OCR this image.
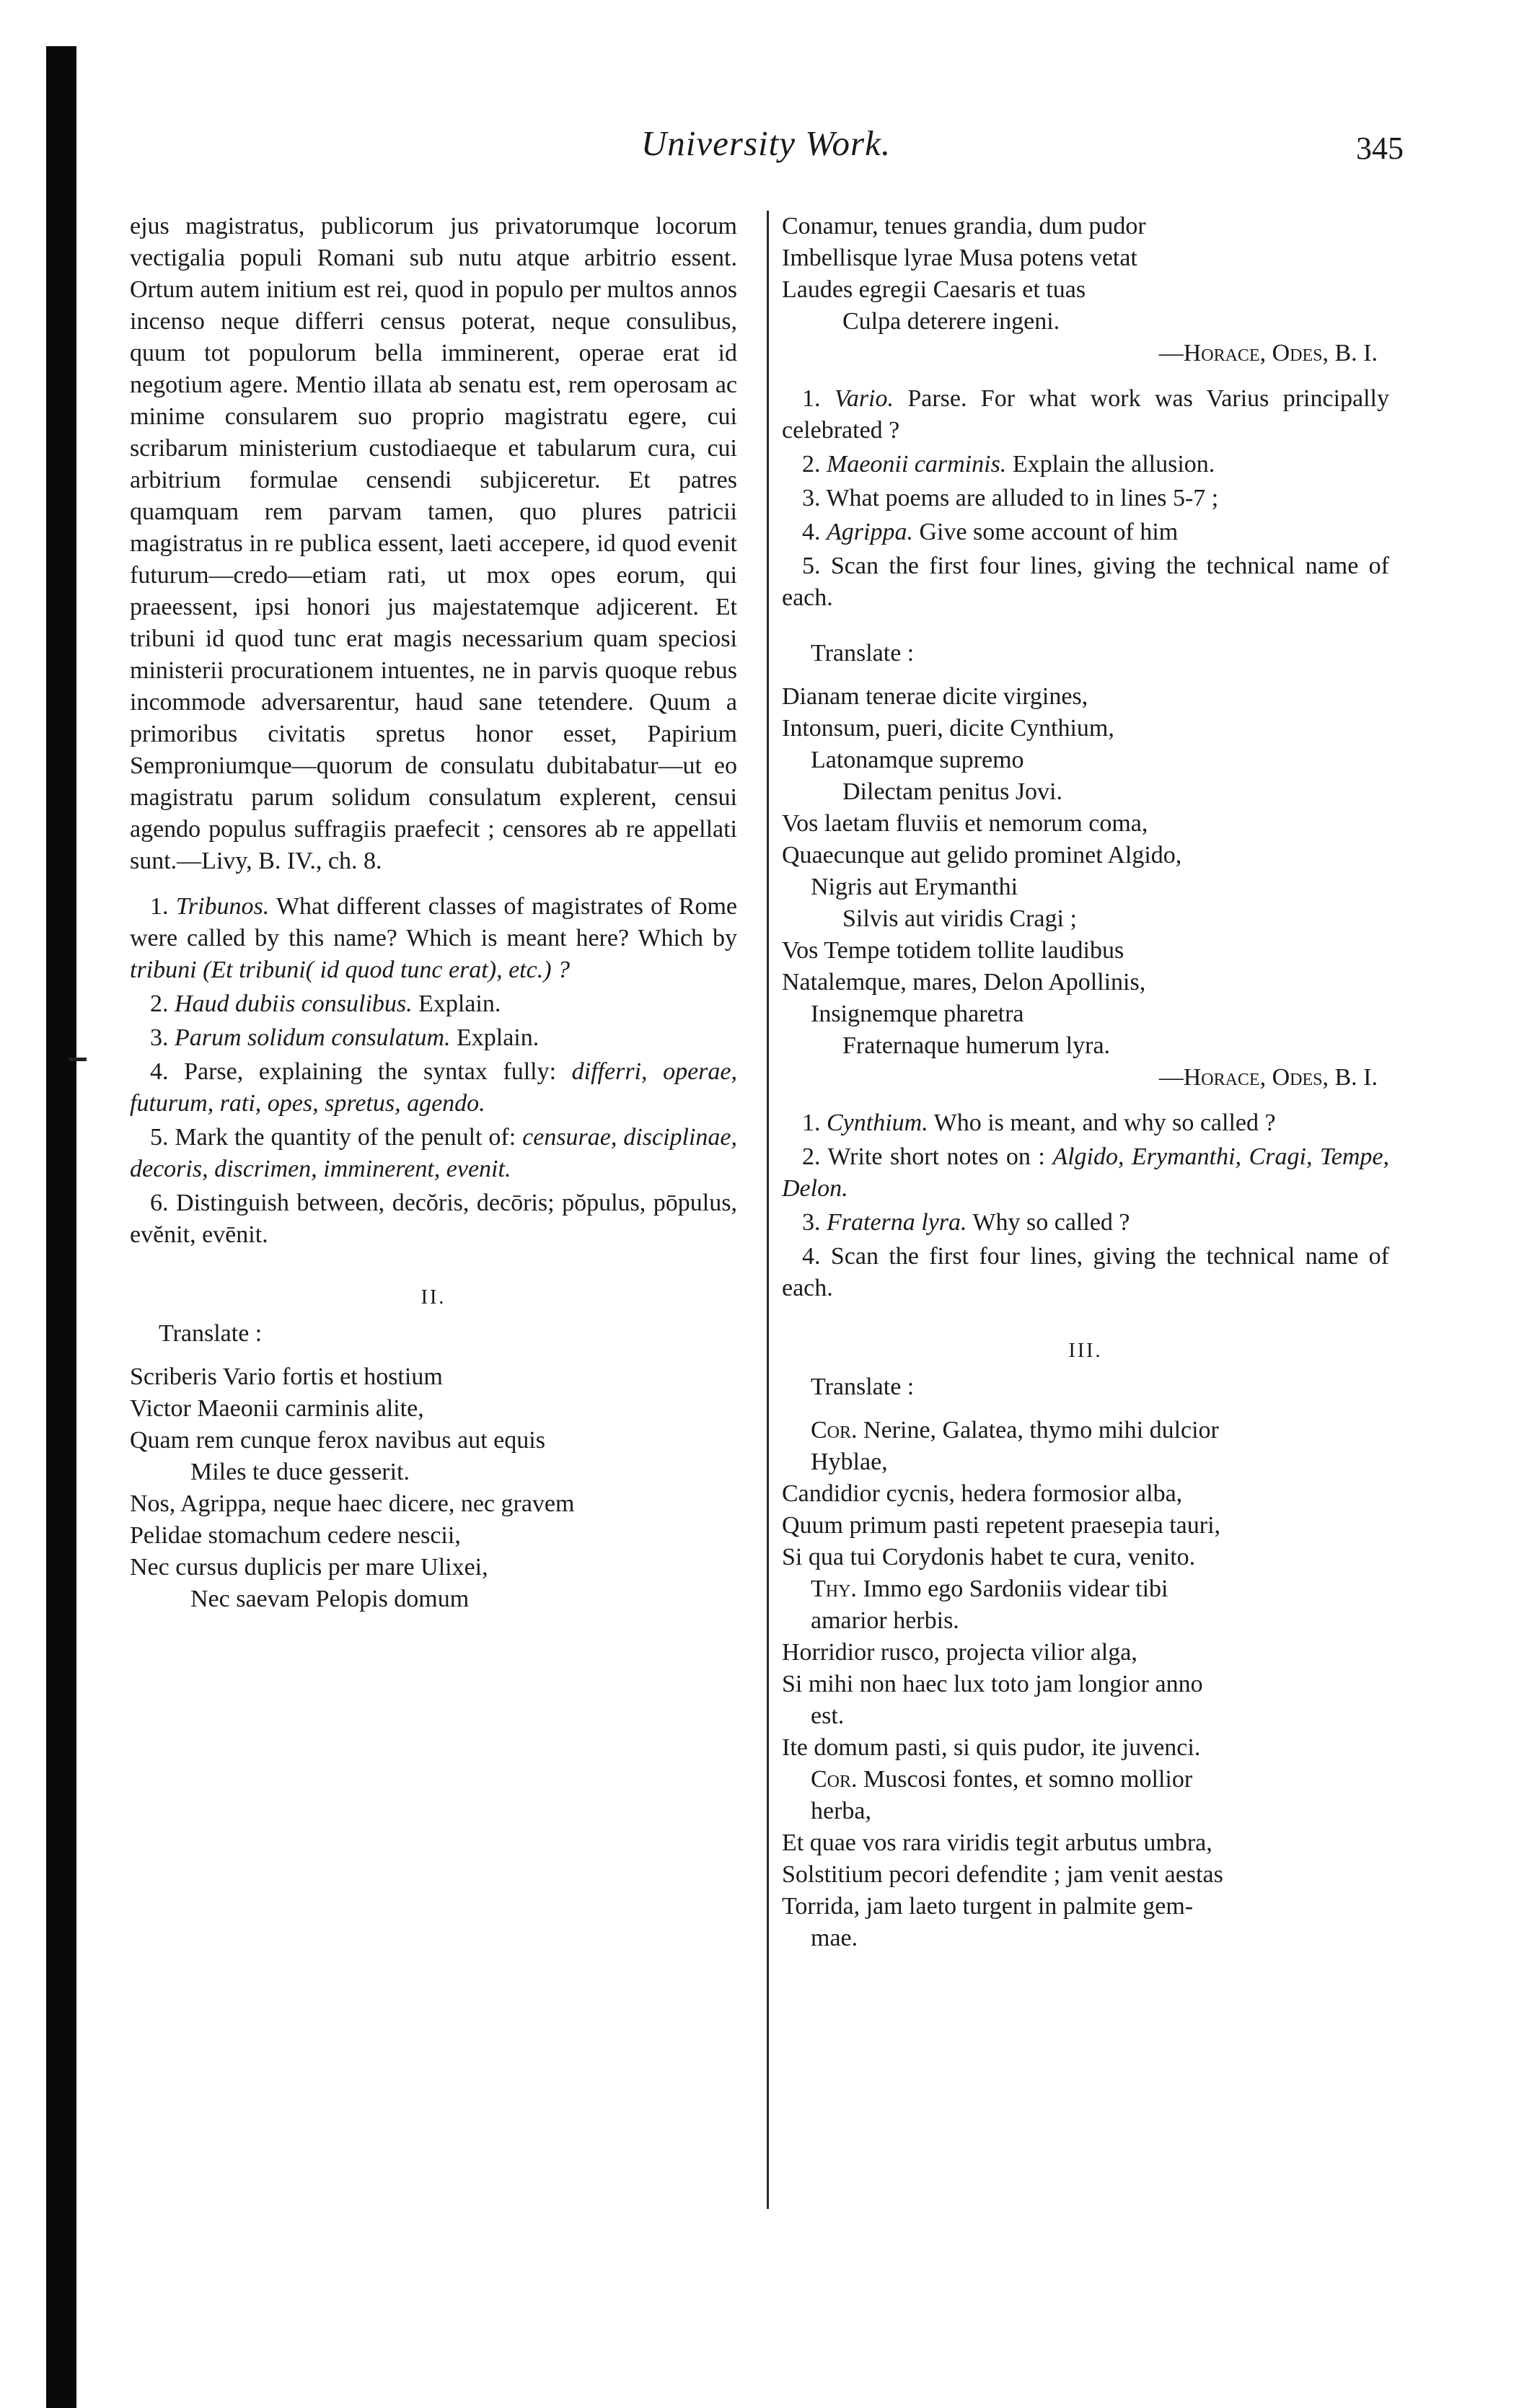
University Work.	345

ejus magistratus, publicorum jus privatorumque locorum vectigalia populi Romani sub nutu atque arbitrio essent. Ortum autem initium est rei, quod in populo per multos annos incenso neque differri census poterat, neque consulibus, quum tot populorum bella imminerent, operae erat id negotium agere. Mentio illata ab senatu est, rem operosam ac minime consularem suo proprio magistratu egere, cui scribarum ministerium custodiaeque et tabularum cura, cui arbitrium formulae censendi subjiceretur. Et patres quamquam rem parvam tamen, quo plures patricii magistratus in re publica essent, laeti accepere, id quod evenit futurum—credo—etiam rati, ut mox opes eorum, qui praeessent, ipsi honori jus majestatemque adjicerent. Et tribuni id quod tunc erat magis necessarium quam speciosi ministerii procurationem intuentes, ne in parvis quoque rebus incommode adversarentur, haud sane tetendere. Quum a primoribus civitatis spretus honor esset, Papirium Semproniumque—quorum de consulatu dubitabatur—ut eo magistratu parum solidum consulatum explerent, censui agendo populus suffragiis praefecit ; censores ab re appellati sunt.—Livy, B. IV., ch. 8.

1. Tribunos. What different classes of magistrates of Rome were called by this name? Which is meant here? Which by tribuni (Et tribuni( id quod tunc erat), etc.) ?

2. Haud dubiis consulibus. Explain.

3. Parum solidum consulatum. Explain.

4. Parse, explaining the syntax fully: differri, operae, futurum, rati, opes, spretus, agendo.

5. Mark the quantity of the penult of: censurae, disciplinae, decoris, discrimen, imminerent, evenit.

6. Distinguish between, decŏris, decōris; pŏpulus, pōpulus, evĕnit, evēnit.

II.

Translate :

Scriberis Vario fortis et hostium
Victor Maeonii carminis alite,
Quam rem cunque ferox navibus aut equis
Miles te duce gesserit.
Nos, Agrippa, neque haec dicere, nec gravem
Pelidae stomachum cedere nescii,
Nec cursus duplicis per mare Ulixei,
Nec saevam Pelopis domum
Conamur, tenues grandia, dum pudor
Imbellisque lyrae Musa potens vetat
Laudes egregii Caesaris et tuas
Culpa deterere ingeni.
—Horace, Odes, B. I.

1. Vario. Parse. For what work was Varius principally celebrated ?

2. Maeonii carminis. Explain the allusion.

3. What poems are alluded to in lines 5-7 ;

4. Agrippa. Give some account of him

5. Scan the first four lines, giving the technical name of each.

Translate :

Dianam tenerae dicite virgines,
Intonsum, pueri, dicite Cynthium,
Latonamque supremo
Dilectam penitus Jovi.
Vos laetam fluviis et nemorum coma,
Quaecunque aut gelido prominet Algido,
Nigris aut Erymanthi
Silvis aut viridis Cragi ;
Vos Tempe totidem tollite laudibus
Natalemque, mares, Delon Apollinis,
Insignemque pharetra
Fraternaque humerum lyra.
—Horace, Odes, B. I.

1. Cynthium. Who is meant, and why so called ?

2. Write short notes on : Algido, Erymanthi, Cragi, Tempe, Delon.

3. Fraterna lyra. Why so called ?

4. Scan the first four lines, giving the technical name of each.

III.

Translate :

Cor. Nerine, Galatea, thymo mihi dulcior
Hyblae,
Candidior cycnis, hedera formosior alba,
Quum primum pasti repetent praesepia tauri,
Si qua tui Corydonis habet te cura, venito.
Thy. Immo ego Sardoniis videar tibi
amarior herbis.
Horridior rusco, projecta vilior alga,
Si mihi non haec lux toto jam longior anno
est.
Ite domum pasti, si quis pudor, ite juvenci.
Cor. Muscosi fontes, et somno mollior
herba,
Et quae vos rara viridis tegit arbutus umbra,
Solstitium pecori defendite ; jam venit aestas
Torrida, jam laeto turgent in palmite gem-
mae.
